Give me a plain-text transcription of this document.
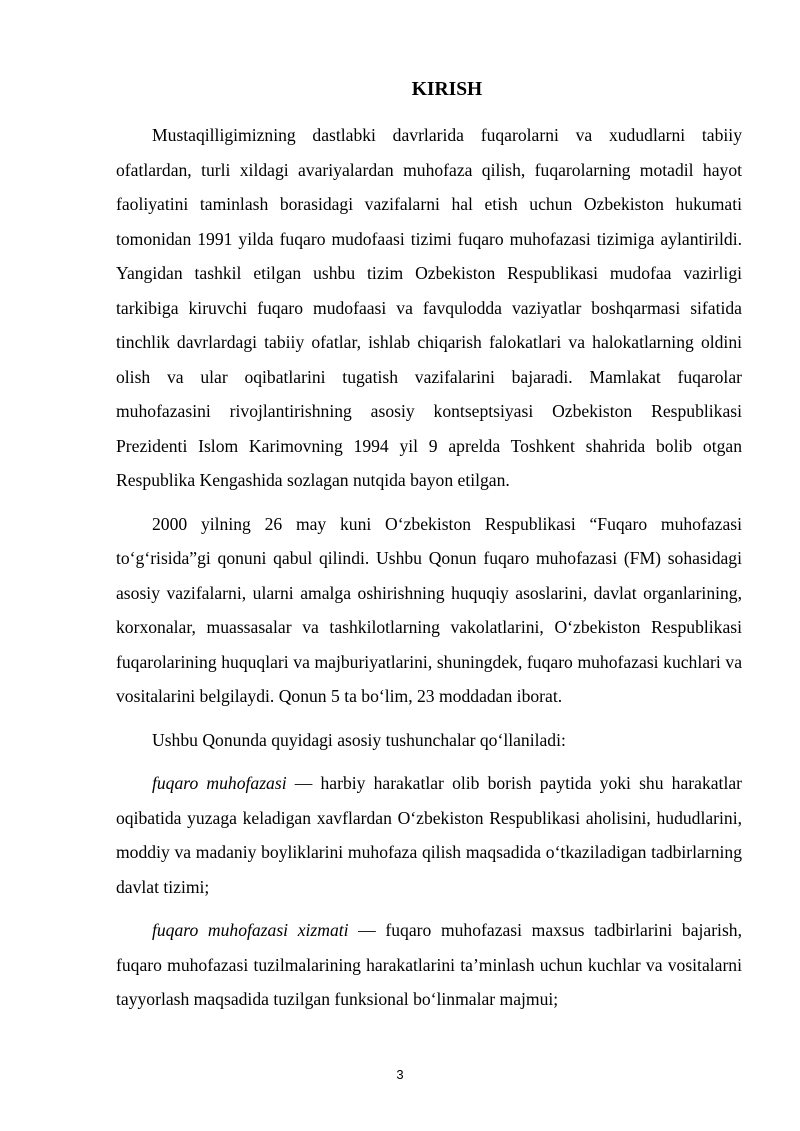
KIRISH

Mustaqilligimizning dastlabki davrlarida fuqarolarni va xududlarni tabiiy ofatlardan, turli xildagi avariyalardan muhofaza qilish, fuqarolarning motadil hayot faoliyatini taminlash borasidagi vazifalarni hal etish uchun Ozbekiston hukumati tomonidan 1991 yilda fuqaro mudofaasi tizimi fuqaro muhofazasi tizimiga aylantirildi. Yangidan tashkil etilgan ushbu tizim Ozbekiston Respublikasi mudofaa vazirligi tarkibiga kiruvchi fuqaro mudofaasi va favqulodda vaziyatlar boshqarmasi sifatida tinchlik davrlardagi tabiiy ofatlar, ishlab chiqarish falokatlari va halokatlarning oldini olish va ular oqibatlarini tugatish vazifalarini bajaradi. Mamlakat fuqarolar muhofazasini rivojlantirishning asosiy kontseptsiyasi Ozbekiston Respublikasi Prezidenti Islom Karimovning 1994 yil 9 aprelda Toshkent shahrida bolib otgan Respublika Kengashida sozlagan nutqida bayon etilgan.

2000 yilning 26 may kuni O‘zbekiston Respublikasi “Fuqaro muhofazasi to‘g‘risida”gi qonuni qabul qilindi. Ushbu Qonun fuqaro muhofazasi (FM) sohasidagi asosiy vazifalarni, ularni amalga oshirishning huquqiy asoslarini, davlat organlarining, korxonalar, muassasalar va tashkilotlarning vakolatlarini, O‘zbekiston Respublikasi fuqarolarining huquqlari va majburiyatlarini, shuningdek, fuqaro muhofazasi kuchlari va vositalarini belgilaydi. Qonun 5 ta bo‘lim, 23 moddadan iborat.

Ushbu Qonunda quyidagi asosiy tushunchalar qo‘llaniladi:

fuqaro muhofazasi — harbiy harakatlar olib borish paytida yoki shu harakatlar oqibatida yuzaga keladigan xavflardan O‘zbekiston Respublikasi aholisini, hududlarini, moddiy va madaniy boyliklarini muhofaza qilish maqsadida o‘tkaziladigan tadbirlarning davlat tizimi;

fuqaro muhofazasi xizmati — fuqaro muhofazasi maxsus tadbirlarini bajarish, fuqaro muhofazasi tuzilmalarining harakatlarini ta’minlash uchun kuchlar va vositalarni tayyorlash maqsadida tuzilgan funksional bo‘linmalar majmui;

3
